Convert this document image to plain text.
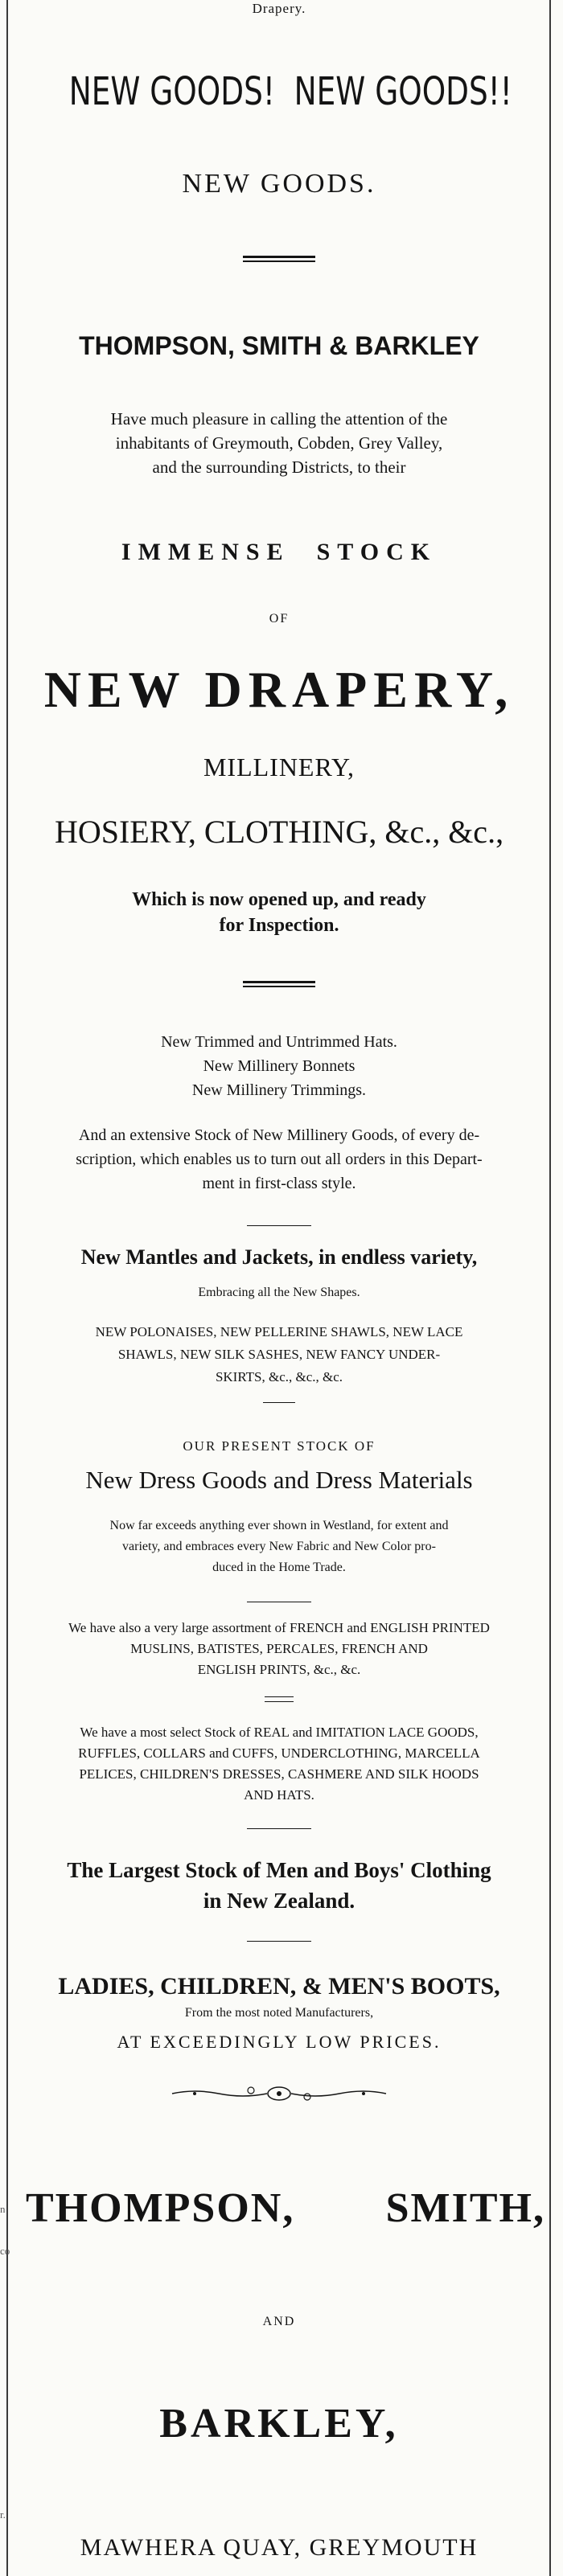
n
co
r.

Drapery.

NEW GOODS!  NEW GOODS!!

NEW GOODS.

THOMPSON, SMITH & BARKLEY

Have much pleasure in calling the attention of the

inhabitants of Greymouth, Cobden, Grey Valley,

and the surrounding Districts, to their

IMMENSE  STOCK

OF

NEW DRAPERY,

MILLINERY,

HOSIERY, CLOTHING, &c., &c.,

Which is now opened up, and ready

for Inspection.

New Trimmed and Untrimmed Hats.

New Millinery Bonnets

New Millinery Trimmings.

And an extensive Stock of New Millinery Goods, of every de-

scription, which enables us to turn out all orders in this Depart-

ment in first-class style.

New Mantles and Jackets, in endless variety,

Embracing all the New Shapes.

NEW POLONAISES, NEW PELLERINE SHAWLS, NEW LACE

SHAWLS, NEW SILK SASHES, NEW FANCY UNDER-

SKIRTS, &c., &c., &c.

OUR PRESENT STOCK OF

New Dress Goods and Dress Materials

Now far exceeds anything ever shown in Westland, for extent and

variety, and embraces every New Fabric and New Color pro-

duced in the Home Trade.

We have also a very large assortment of FRENCH and ENGLISH PRINTED

MUSLINS, BATISTES, PERCALES, FRENCH AND

ENGLISH PRINTS, &c., &c.

We have a most select Stock of REAL and IMITATION LACE GOODS,

RUFFLES, COLLARS and CUFFS, UNDERCLOTHING, MARCELLA

PELICES, CHILDREN'S DRESSES, CASHMERE AND SILK HOODS

AND HATS.

The Largest Stock of Men and Boys' Clothing

in New Zealand.

LADIES, CHILDREN, & MEN'S BOOTS,

From the most noted Manufacturers,

AT EXCEEDINGLY LOW PRICES.

THOMPSON, SMITH,

AND

BARKLEY,

MAWHERA QUAY, GREYMOUTH
